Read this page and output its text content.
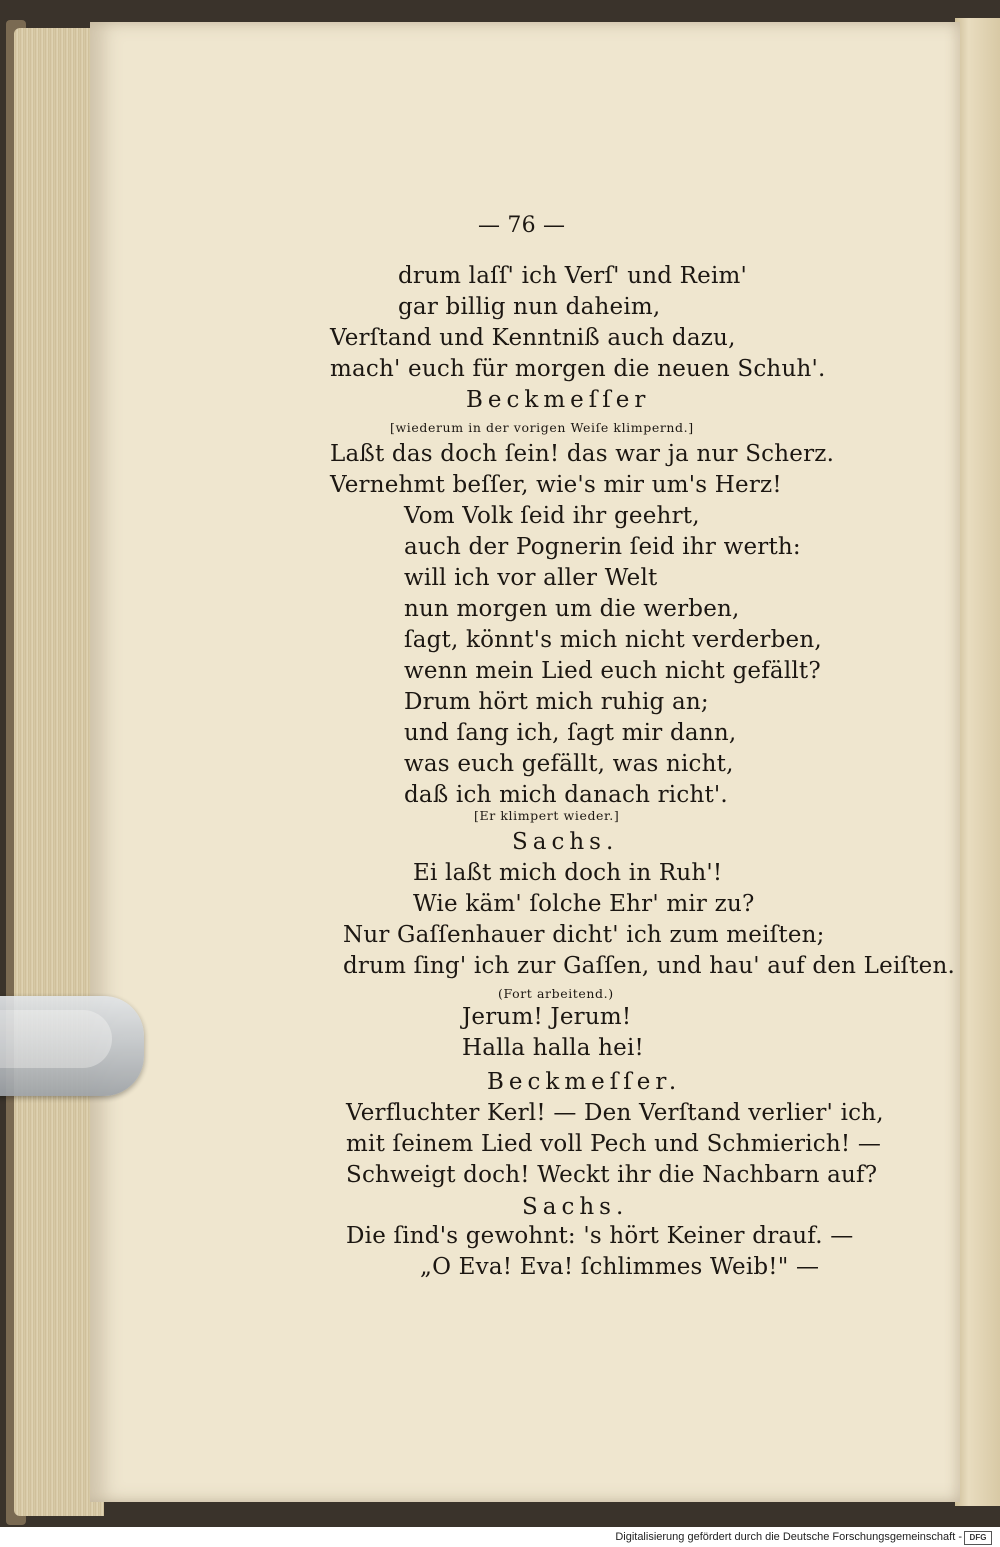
— 76 —
drum laſſ' ich Verſ' und Reim'
gar billig nun daheim,
Verſtand und Kenntniß auch dazu,
mach' euch für morgen die neuen Schuh'.
Beckmeſſer
[wiederum in der vorigen Weiſe klimpernd.]
Laßt das doch ſein! das war ja nur Scherz.
Vernehmt beſſer, wie's mir um's Herz!
Vom Volk ſeid ihr geehrt,
auch der Pognerin ſeid ihr werth:
will ich vor aller Welt
nun morgen um die werben,
ſagt, könnt's mich nicht verderben,
wenn mein Lied euch nicht gefällt?
Drum hört mich ruhig an;
und ſang ich, ſagt mir dann,
was euch gefällt, was nicht,
daß ich mich danach richt'.
[Er klimpert wieder.]
Sachs.
Ei laßt mich doch in Ruh'!
Wie käm' ſolche Ehr' mir zu?
Nur Gaſſenhauer dicht' ich zum meiſten;
drum ſing' ich zur Gaſſen, und hau' auf den Leiſten.
(Fort arbeitend.)
Jerum! Jerum!
Halla halla hei!
Beckmeſſer.
Verfluchter Kerl! — Den Verſtand verlier' ich,
mit ſeinem Lied voll Pech und Schmierich! —
Schweigt doch! Weckt ihr die Nachbarn auf?
Sachs.
Die ſind's gewohnt: 's hört Keiner drauf. —
„O Eva! Eva! ſchlimmes Weib!" —
Digitalisierung gefördert durch die Deutsche Forschungsgemeinschaft - DFG
